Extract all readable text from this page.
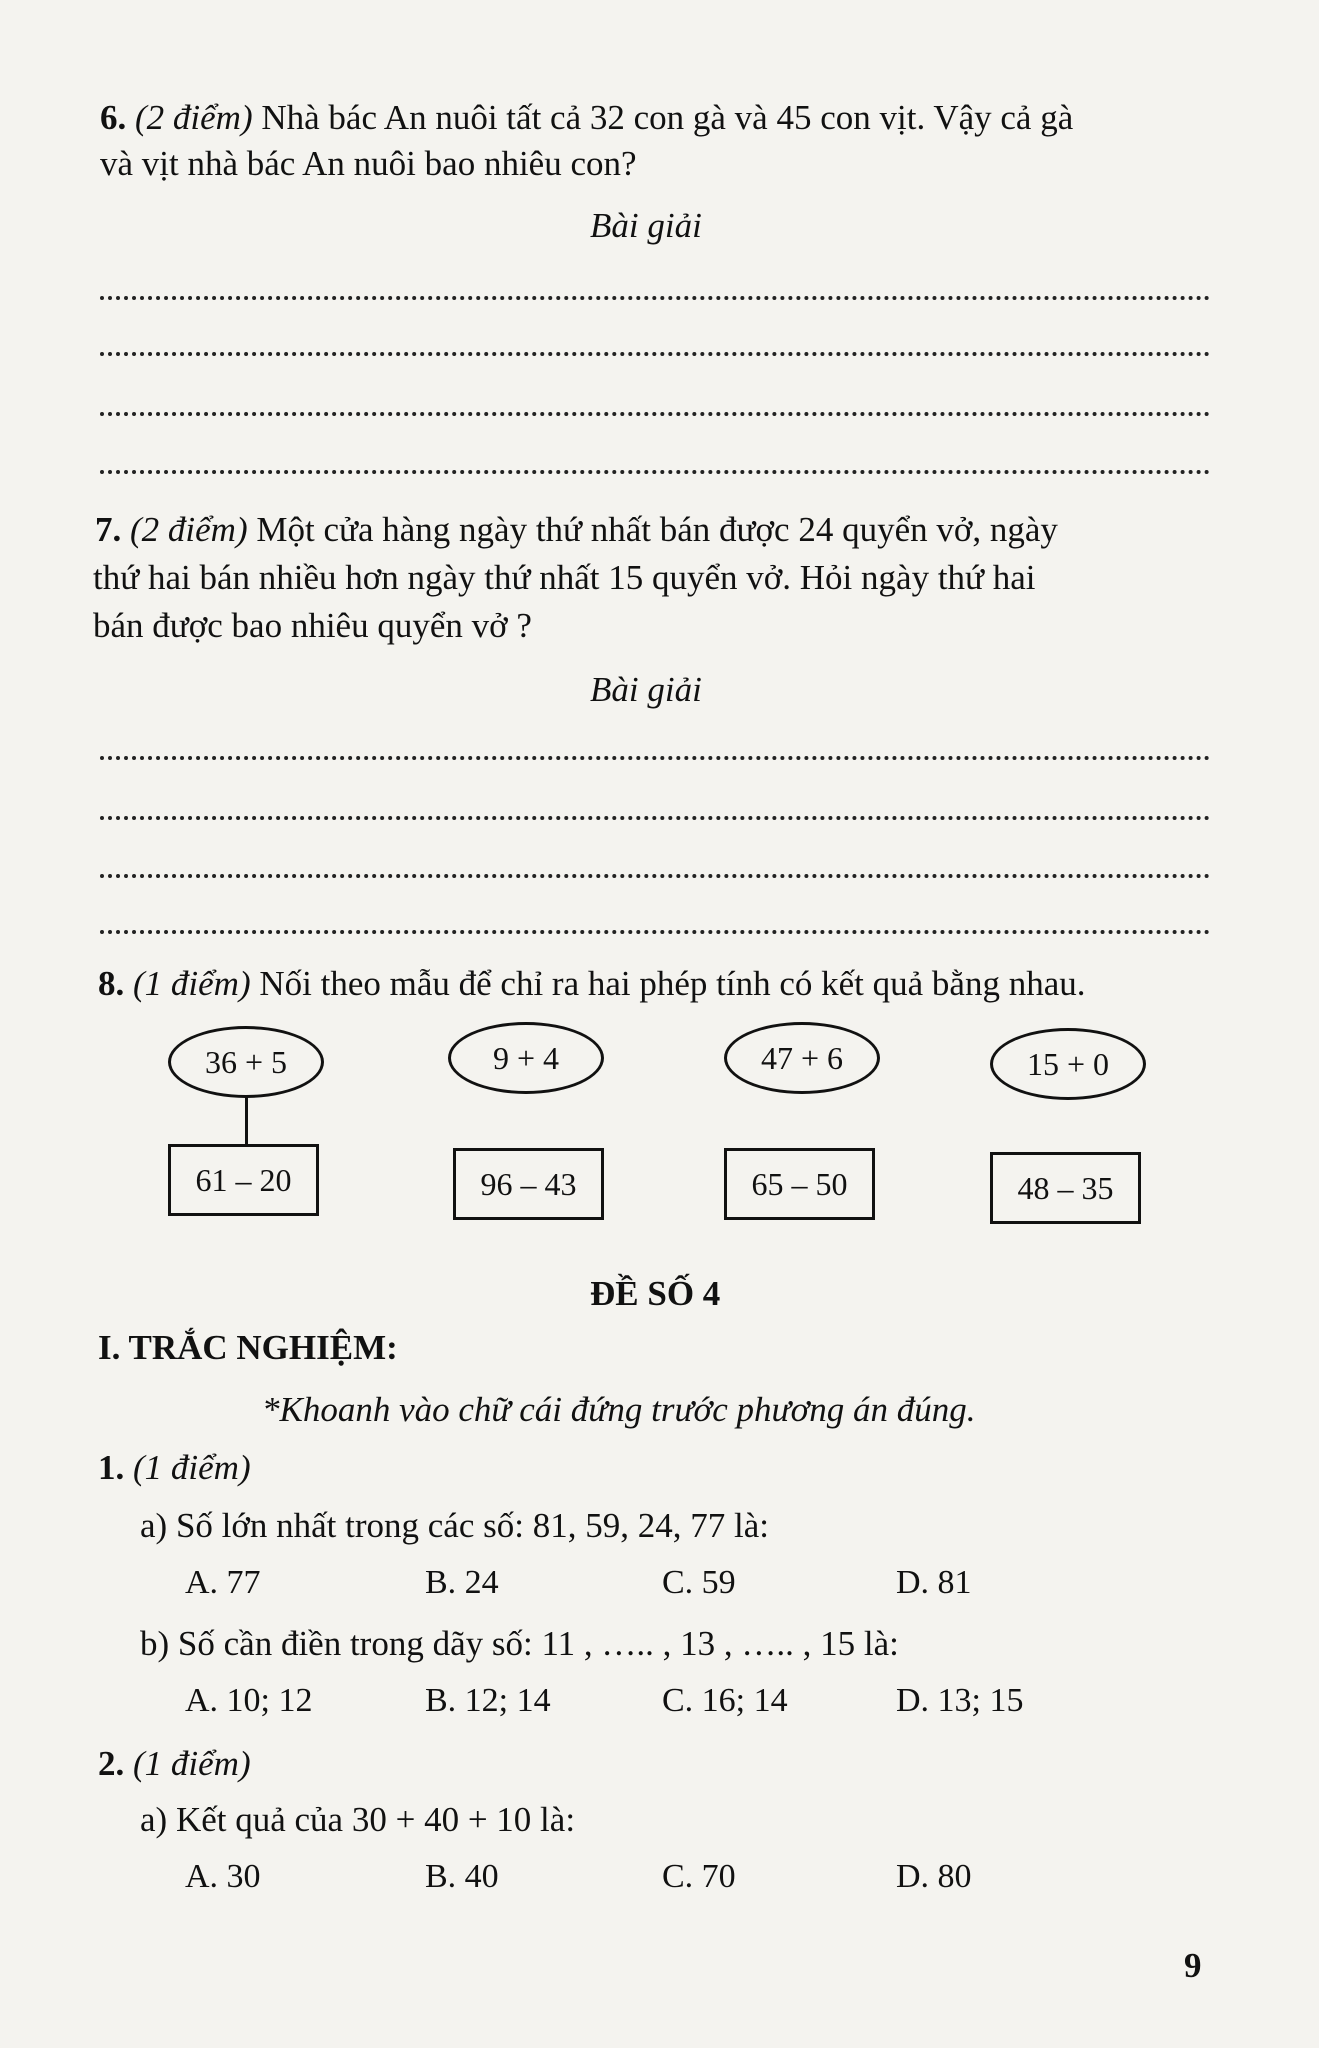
6. (2 điểm) Nhà bác An nuôi tất cả 32 con gà và 45 con vịt. Vậy cả gà
và vịt nhà bác An nuôi bao nhiêu con?
Bài giải
7. (2 điểm) Một cửa hàng ngày thứ nhất bán được 24 quyển vở, ngày
thứ hai bán nhiều hơn ngày thứ nhất 15 quyển vở. Hỏi ngày thứ hai
bán được bao nhiêu quyển vở ?
Bài giải
8. (1 điểm) Nối theo mẫu để chỉ ra hai phép tính có kết quả bằng nhau.
36 + 5	9 + 4	47 + 6	15 + 0
61 – 20	96 – 43	65 – 50	48 – 35
ĐỀ SỐ 4
I. TRẮC NGHIỆM:
*Khoanh vào chữ cái đứng trước phương án đúng.
1. (1 điểm)
a) Số lớn nhất trong các số: 81, 59, 24, 77 là:
A. 77	B. 24	C. 59	D. 81
b) Số cần điền trong dãy số: 11 , ….. , 13 , ….. , 15 là:
A. 10; 12	B. 12; 14	C. 16; 14	D. 13; 15
2. (1 điểm)
a) Kết quả của 30 + 40 + 10 là:
A. 30	B. 40	C. 70	D. 80
9
